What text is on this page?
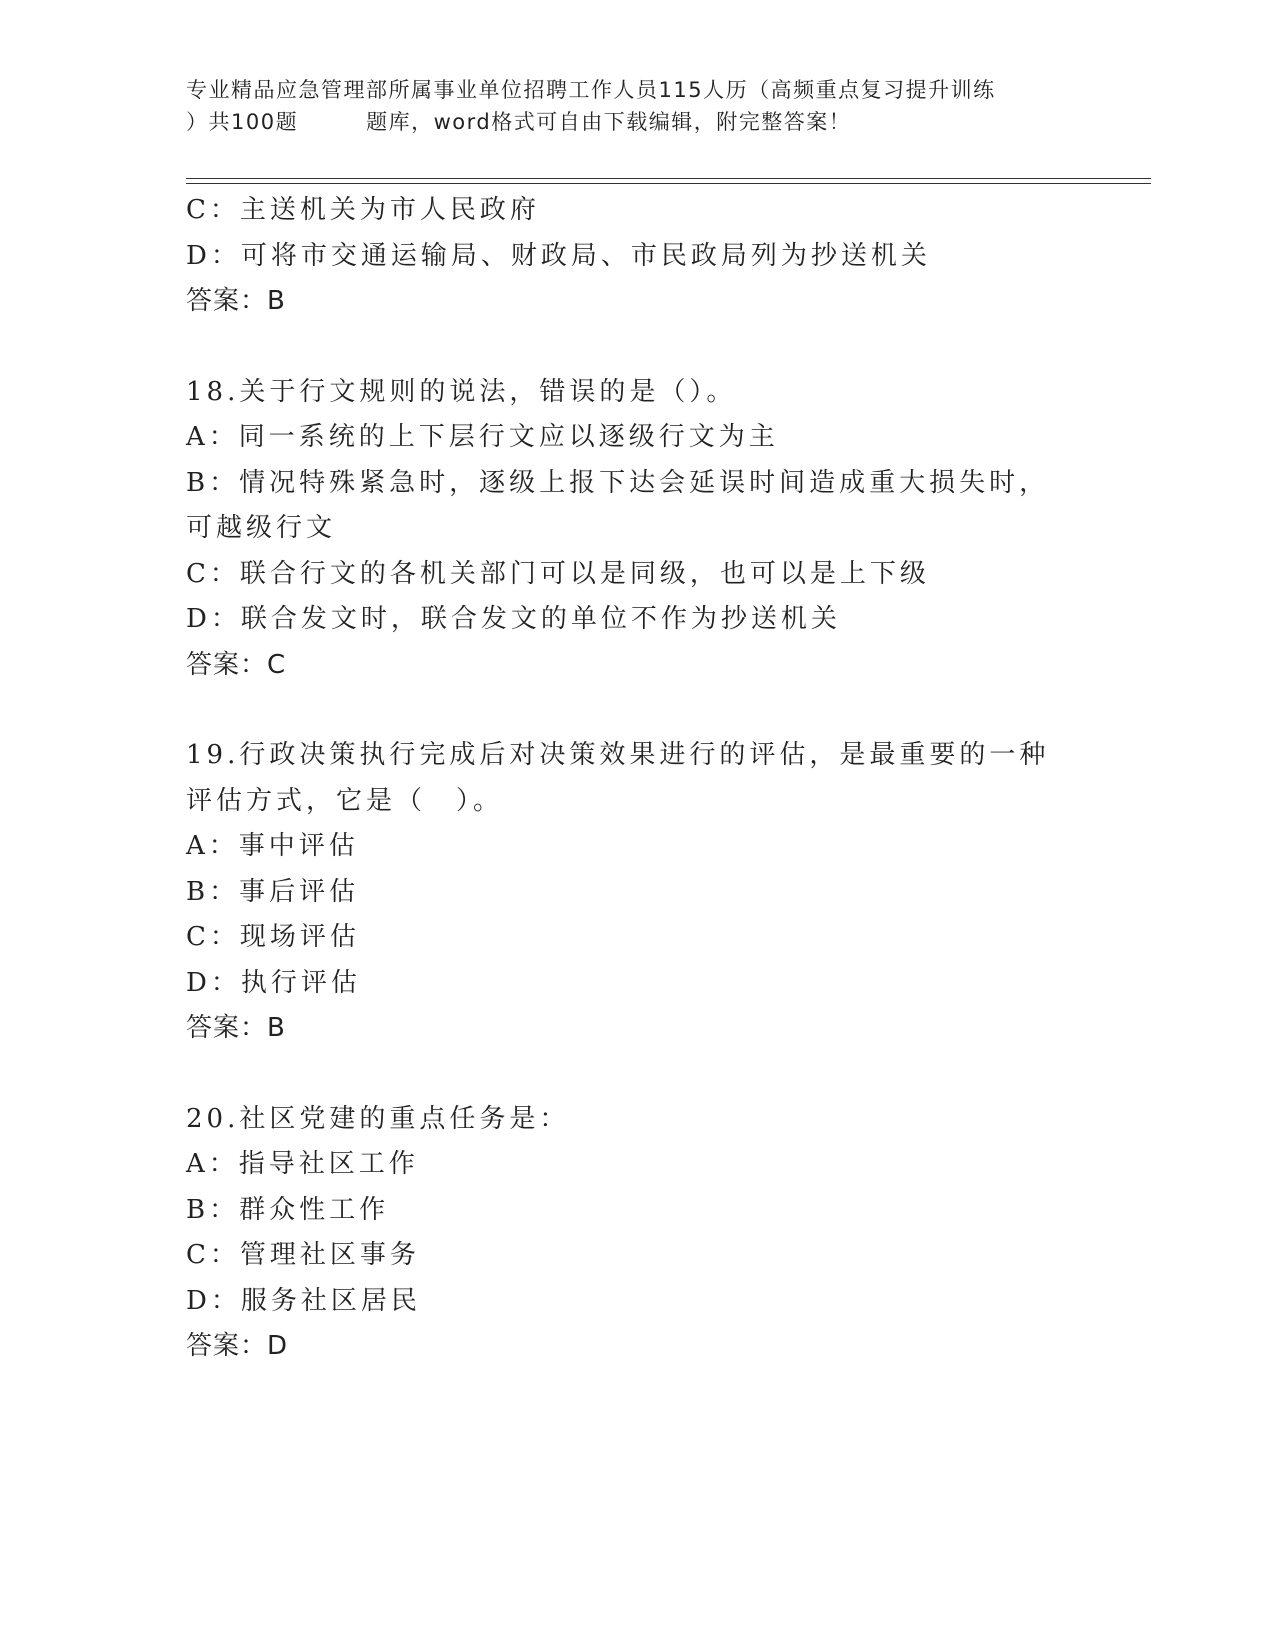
专业精品应急管理部所属事业单位招聘工作人员115人历（高频重点复习提升训练
）共100题	题库，word格式可自由下载编辑，附完整答案！

C：主送机关为市人民政府

D：可将市交通运输局、财政局、市民政局列为抄送机关

答案：B

18.关于行文规则的说法，错误的是（）。

A：同一系统的上下层行文应以逐级行文为主

B：情况特殊紧急时，逐级上报下达会延误时间造成重大损失时，可越级行文

C：联合行文的各机关部门可以是同级，也可以是上下级

D：联合发文时，联合发文的单位不作为抄送机关

答案：C

19.行政决策执行完成后对决策效果进行的评估，是最重要的一种评估方式，它是（　）。

A：事中评估

B：事后评估

C：现场评估

D：执行评估

答案：B

20.社区党建的重点任务是：

A：指导社区工作

B：群众性工作

C：管理社区事务

D：服务社区居民

答案：D
